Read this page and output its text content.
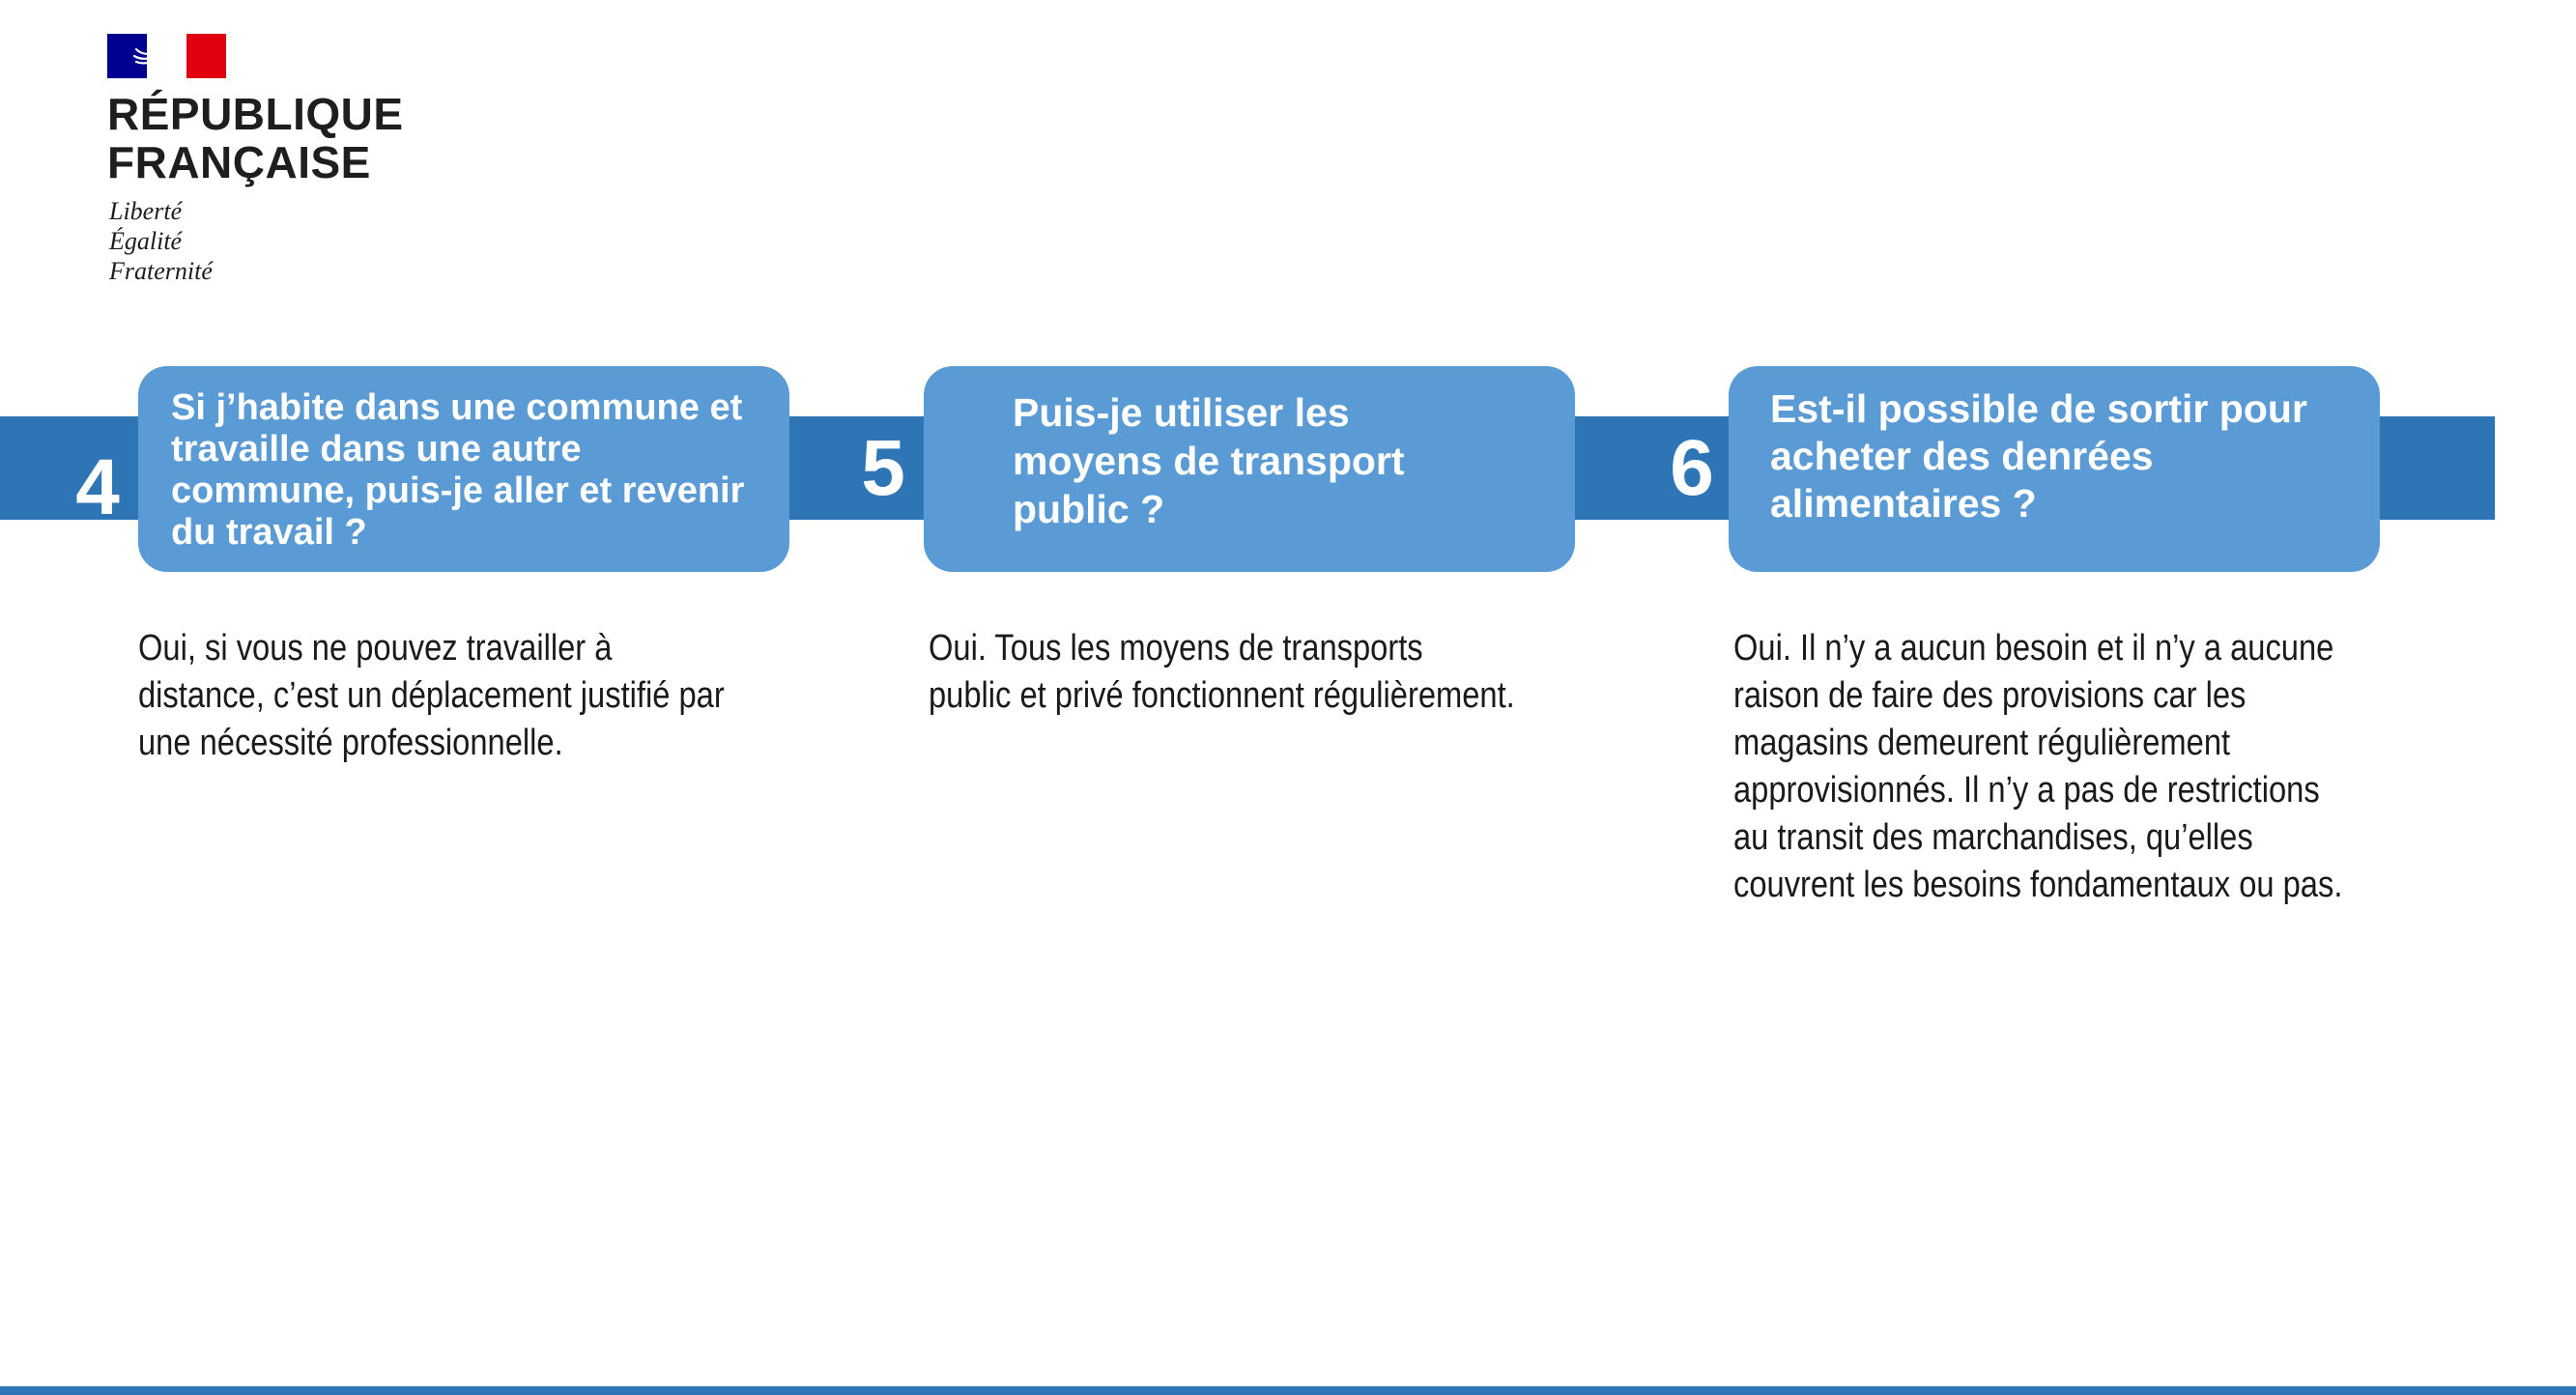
RÉPUBLIQUE
FRANÇAISE
Liberté
Égalité
Fraternité
4
Si j’habite dans une commune et
travaille dans une autre
commune, puis-je aller et revenir
du travail ?
Oui, si vous ne pouvez travailler à
distance, c’est un déplacement justifié par
une nécessité professionnelle.
5
Puis-je utiliser les
moyens de transport
public ?
Oui. Tous les moyens de transports
public et privé fonctionnent régulièrement.
6
Est-il possible de sortir pour
acheter des denrées
alimentaires ?
Oui. Il n’y a aucun besoin et il n’y a aucune
raison de faire des provisions car les
magasins demeurent régulièrement
approvisionnés. Il n’y a pas de restrictions
au transit des marchandises, qu’elles
couvrent les besoins fondamentaux ou pas.
